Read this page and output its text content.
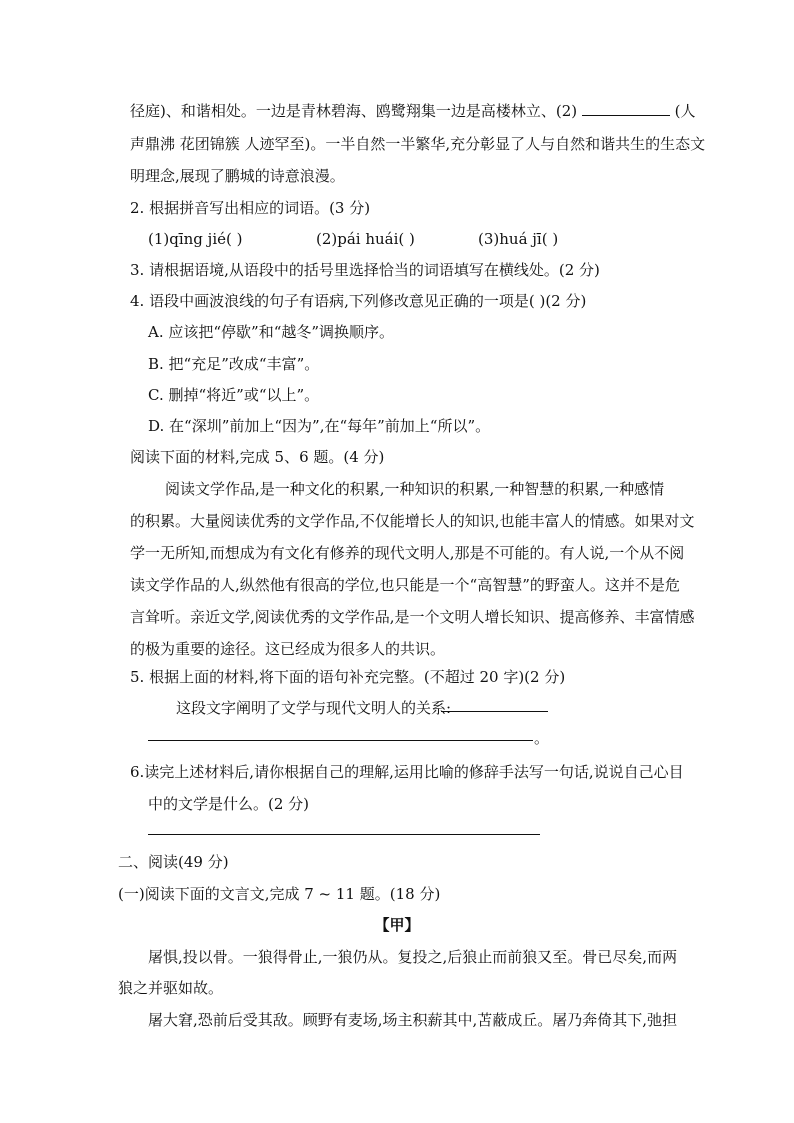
径庭)、和谐相处。一边是青林碧海、鸥鹭翔集一边是高楼林立、(2)	(人
声鼎沸 花团锦簇 人迹罕至)。一半自然一半繁华,充分彰显了人与自然和谐共生的生态文
明理念,展现了鹏城的诗意浪漫。
2. 根据拼音写出相应的词语。(3 分)
(1)qīng jié( )	(2)pái huái( )	(3)huá jī( )
3. 请根据语境,从语段中的括号里选择恰当的词语填写在横线处。(2 分)
4. 语段中画波浪线的句子有语病,下列修改意见正确的一项是( )(2 分)
A. 应该把“停歇”和“越冬”调换顺序。
B. 把“充足”改成“丰富”。
C. 删掉“将近”或“以上”。
D. 在“深圳”前加上“因为”,在“每年”前加上“所以”。
阅读下面的材料,完成 5、6 题。(4 分)
阅读文学作品,是一种文化的积累,一种知识的积累,一种智慧的积累,一种感情
的积累。大量阅读优秀的文学作品,不仅能增长人的知识,也能丰富人的情感。如果对文
学一无所知,而想成为有文化有修养的现代文明人,那是不可能的。有人说,一个从不阅
读文学作品的人,纵然他有很高的学位,也只能是一个“高智慧”的野蛮人。这并不是危
言耸听。亲近文学,阅读优秀的文学作品,是一个文明人增长知识、提高修养、丰富情感
的极为重要的途径。这已经成为很多人的共识。
5. 根据上面的材料,将下面的语句补充完整。(不超过 20 字)(2 分)
这段文字阐明了文学与现代文明人的关系:
。
6.读完上述材料后,请你根据自己的理解,运用比喻的修辞手法写一句话,说说自己心目
中的文学是什么。(2 分)
二、阅读(49 分)
(一)阅读下面的文言文,完成 7 ~ 11 题。(18 分)
【甲】
屠惧,投以骨。一狼得骨止,一狼仍从。复投之,后狼止而前狼又至。骨已尽矣,而两
狼之并驱如故。
屠大窘,恐前后受其敌。顾野有麦场,场主积薪其中,苫蔽成丘。屠乃奔倚其下,弛担
